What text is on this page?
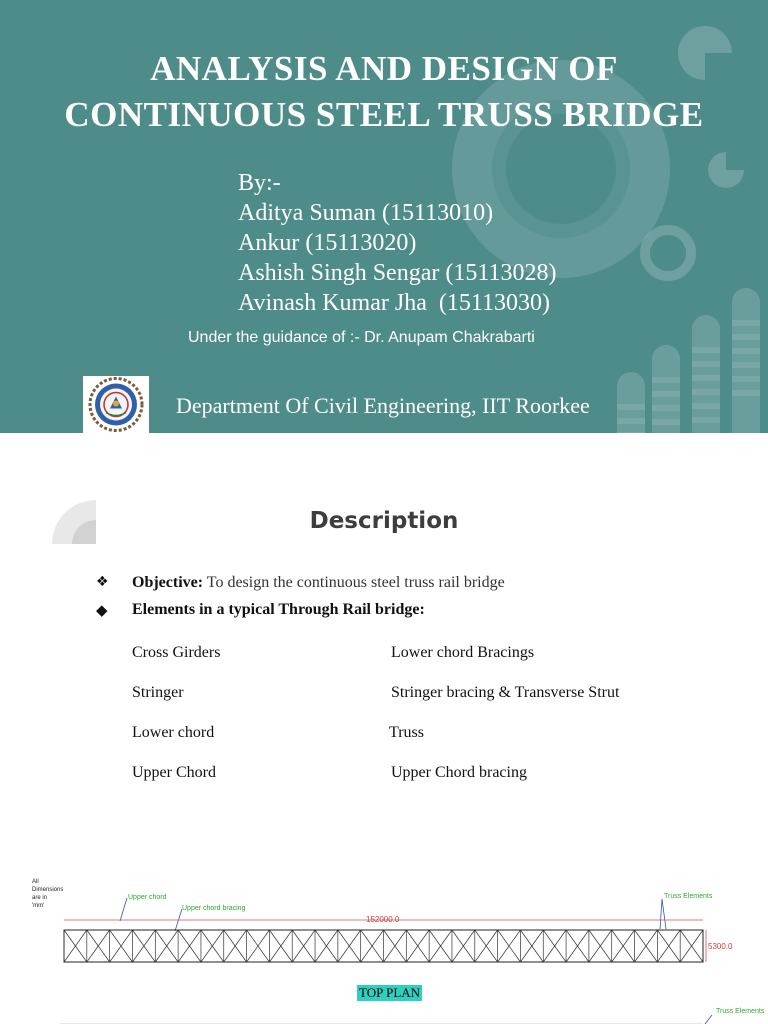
ANALYSIS AND DESIGN OF
CONTINUOUS STEEL TRUSS BRIDGE
By:-
Aditya Suman (15113010)
Ankur (15113020)
Ashish Singh Sengar (15113028)
Avinash Kumar Jha  (15113030)
Under the guidance of :- Dr. Anupam Chakrabarti
Department Of Civil Engineering, IIT Roorkee
Description
❖ Objective: To design the continuous steel truss rail bridge
◆ Elements in a typical Through Rail bridge:
Cross Girders
Stringer
Lower chord
Upper Chord
Lower chord Bracings
Stringer bracing & Transverse Strut
Truss
Upper Chord bracing
All
Dimensions
are in
'mm'
Upper chord
Upper chord bracing
Truss Elements
152000.0
5300.0
Truss Elements
TOP PLAN
